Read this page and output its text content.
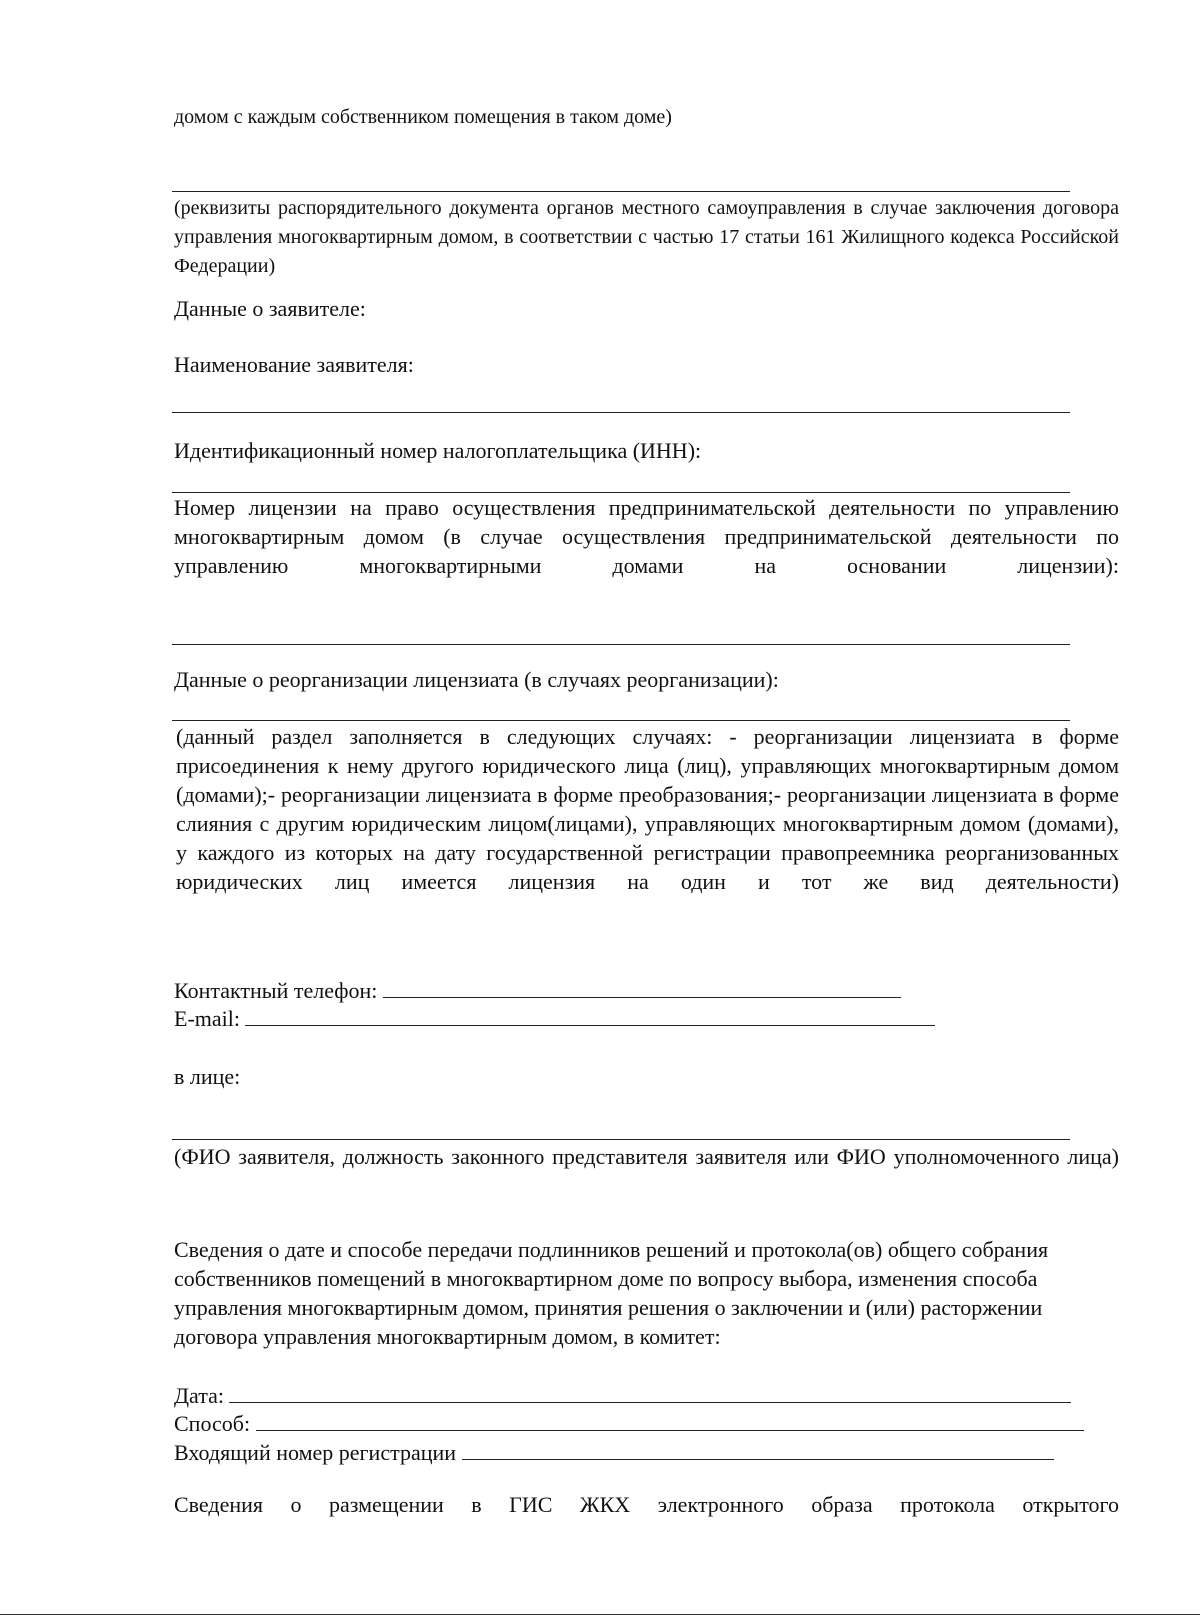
домом с каждым собственником помещения в таком доме)

(реквизиты распорядительного документа органов местного самоуправления в случае заключения договора управления многоквартирным домом, в соответствии с частью 17 статьи 161 Жилищного кодекса Российской Федерации)

Данные о заявителе:

Наименование заявителя:

Идентификационный номер налогоплательщика (ИНН):

Номер лицензии на право осуществления предпринимательской деятельности по управлению многоквартирным домом (в случае осуществления предпринимательской деятельности по управлению многоквартирными домами на основании лицензии):

Данные о реорганизации лицензиата (в случаях реорганизации):

(данный раздел заполняется в следующих случаях: - реорганизации лицензиата в форме присоединения к нему другого юридического лица (лиц), управляющих многоквартирным домом (домами);- реорганизации лицензиата в форме преобразования;- реорганизации лицензиата в форме слияния с другим юридическим лицом(лицами), управляющих многоквартирным домом (домами), у каждого из которых на дату государственной регистрации правопреемника реорганизованных юридических лиц имеется лицензия на один и тот же вид деятельности)

Контактный телефон:
E-mail:

в лице:

(ФИО заявителя, должность законного представителя заявителя или ФИО уполномоченного лица)

Сведения о дате и способе передачи подлинников решений и протокола(ов) общего собрания собственников помещений в многоквартирном доме по вопросу выбора, изменения способа управления многоквартирным домом, принятия решения о заключении и (или) расторжении договора управления многоквартирным домом, в комитет:

Дата:
Способ:
Входящий номер регистрации

Сведения о размещении в ГИС ЖКХ электронного образа протокола открытого
